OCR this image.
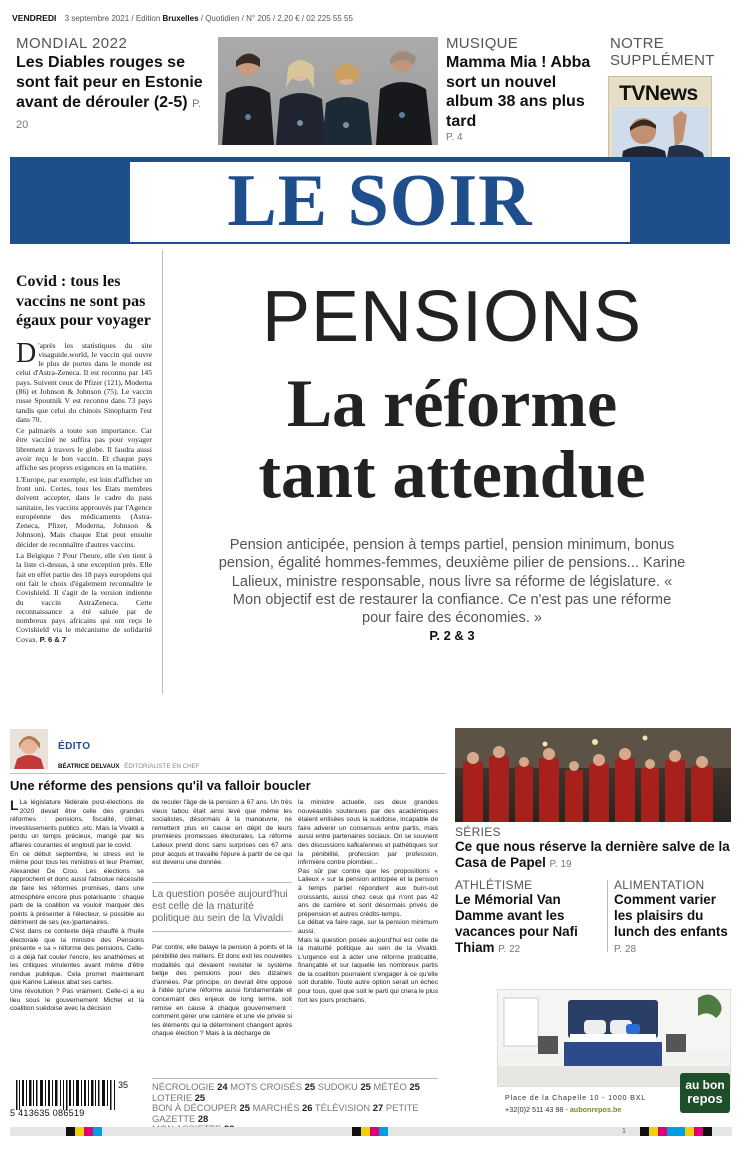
VENDREDI 3 septembre 2021 / Edition Bruxelles / Quotidien / N° 205 / 2,20 € / 02 225 55 55
MONDIAL 2022
Les Diables rouges se sont fait peur en Estonie avant de dérouler (2-5) P. 20
MUSIQUE
Mamma Mia ! Abba sort un nouvel album 38 ans plus tard
P. 4
NOTRE
SUPPLÉMENT
TVNews
LE SOIR
Covid : tous les vaccins ne sont pas égaux pour voyager

D 'après les statistiques du site visaguide.world, le vaccin qui ouvre le plus de portes dans le monde est celui d'Astra-Zeneca. Il est reconnu par 145 pays. Suivent ceux de Pfizer (121), Moderna (86) et Johnson & Johnson (75). Le vaccin russe Spoutnik V est reconnu dans 73 pays tandis que celui du chinois Sinopharm l'est dans 70.

Ce palmarès a toute son importance. Car être vacciné ne suffira pas pour voyager librement à travers le globe. Il faudra aussi avoir reçu le bon vaccin. Et chaque pays affiche ses propres exigences en la matière.

L'Europe, par exemple, est loin d'afficher un front uni. Certes, tous les Etats membres doivent accepter, dans le cadre du pass sanitaire, les vaccins approuvés par l'Agence européenne des médicaments (Astra-Zeneca, Pfizer, Moderna, Johnson & Johnson). Mais chaque Etat peut ensuite décider de reconnaître d'autres vaccins.

La Belgique ? Pour l'heure, elle s'en tient à la liste ci-dessus, à une exception près. Elle fait en effet partie des 18 pays européens qui ont fait le choix d'également reconnaître le Covishield. Il s'agit de la version indienne du vaccin AstraZeneca. Cette reconnaissance a été saluée par de nombreux pays africains qui ont reçu le Covishield via le mécanisme de solidarité Covax. P. 6 & 7

PENSIONS
La réforme
tant attendue
Pension anticipée, pension à temps partiel, pension minimum, bonus pension, égalité hommes-femmes, deuxième pilier de pensions... Karine Lalieux, ministre responsable, nous livre sa réforme de législature. « Mon objectif est de restaurer la confiance. Ce n'est pas une réforme pour faire des économies. »
P. 2 & 3
ÉDITO
BÉATRICE DELVAUX ÉDITORIALISTE EN CHEF
Une réforme des pensions qu'il va falloir boucler

L La législature fédérale post-élections de 2020 devait être celle des grandes réformes : pensions, fiscalité, climat, investissements publics ,etc. Mais la Vivaldi a perdu un temps précieux, mangé par les affaires courantes et englouti par le covid.

En ce début septembre, le stress est le même pour tous les ministres et leur Premier, Alexander De Croo. Les élections se rapprochent et donc aussi l'absolue nécessité de faire les réformes promises, dans une atmosphère encore plus polarisante : chaque parti de la coalition va vouloir marquer des points à présenter à l'électeur, si possible au détriment de ses (ex-)partenaires.

C'est dans ce contexte déjà chauffé à l'huile électorale que la ministre des Pensions présente « sa » réforme des pensions. Celle-ci a déjà fait couler l'encre, les anathèmes et les critiques virulentes avant même d'être rendue publique. Cela promet maintenant que Karine Lalieux abat ses cartes.

Une révolution ? Pas vraiment. Celle-ci a eu lieu sous le gouvernement Michel et la coalition suédoise avec la décision

de reculer l'âge de la pension à 67 ans. Un très vieux tabou était ainsi levé que même les socialistes, désormais à la manœuvre, ne remettent plus en cause en dépit de leurs premières promesses électorales. La réforme Lalieux prend donc sans surprises ces 67 ans pour acquis et travaille l'épure à partir de ce qui est devenu une donnée.

La question posée aujourd'hui est celle de la maturité politique au sein de la Vivaldi

Par contre, elle balaye la pension à points et la pénibilité des métiers. Et donc exit les nouvelles modalités qui devaient revisiter le système belge des pensions pour des dizaines d'années. Par principe, on devrait être opposé à l'idée qu'une réforme aussi fondamentale et concernant des enjeux de long terme, soit remise en cause à chaque gouvernement : comment gérer une carrière et une vie privée si les éléments qui la déterminent changent après chaque élection ? Mais à la décharge de

la ministre actuelle, ces deux grandes nouveautés soutenues par des académiques étaient enlisées sous la suédoise, incapable de faire advenir un consensus entre partis, mais aussi entre partenaires sociaux. On se souvient des discussions kafkaïennes et pathétiques sur la pénibilité, profession par profession, infirmière contre plombier...

Pas sûr par contre que les propositions « Lalieux » sur la pension anticipée et la pension à temps partiel répondent aux burn-out croissants, aussi chez ceux qui n'ont pas 42 ans de carrière et sont désormais privés de prépension et autres crédits-temps.

Le débat va faire rage, sur la pension minimum aussi.

Mais la question posée aujourd'hui est celle de la maturité politique au sein de la Vivaldi. L'urgence est à acter une réforme praticable, finançable et sur laquelle les nombreux partis de la coalition pourraient s'engager à ce qu'elle soit durable. Toute autre option serait un échec pour tous, quel que soit le parti qui criera le plus fort les jours prochains.

SÉRIES
Ce que nous réserve la dernière salve de la Casa de Papel P. 19
ATHLÉTISME
Le Mémorial Van Damme avant les vacances pour Nafi Thiam P. 22
ALIMENTATION
Comment varier les plaisirs du lunch des enfants P. 28
Place de la Chapelle 10 - 1000 BXL
+32(0)2 511 43 98 - aubonrepos.be
au bon
repos
35
5 413635 086519
NÉCROLOGIE 24 MOTS CROISÉS 25 SUDOKU 25 MÉTÉO 25 LOTERIE 25
BON À DÉCOUPER 25 MARCHÉS 26 TÉLÉVISION 27 PETITE GAZETTE 28
1
